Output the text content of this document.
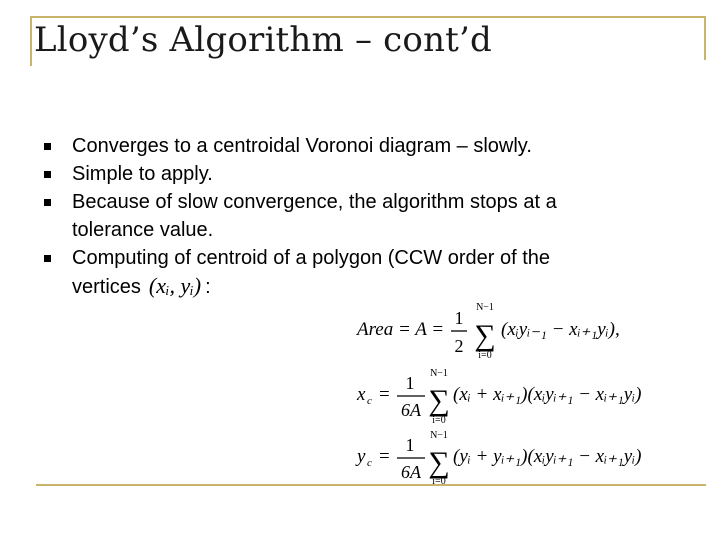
Lloyd’s Algorithm – cont’d
Converges to a centroidal Voronoi diagram – slowly.
Simple to apply.
Because of slow convergence, the algorithm stops at a tolerance value.
Computing of centroid of a polygon (CCW order of the vertices (xᵢ, yᵢ) :
Area = A =
1
2
N−1
∑
i=0
(xᵢyᵢ₋₁ − xᵢ₊₁yᵢ),
x c =
1
6A
N−1
∑
i=0
(xᵢ + xᵢ₊₁)(xᵢyᵢ₊₁ − xᵢ₊₁yᵢ)
y c =
1
6A
N−1
∑
i=0
(yᵢ + yᵢ₊₁)(xᵢyᵢ₊₁ − xᵢ₊₁yᵢ)
